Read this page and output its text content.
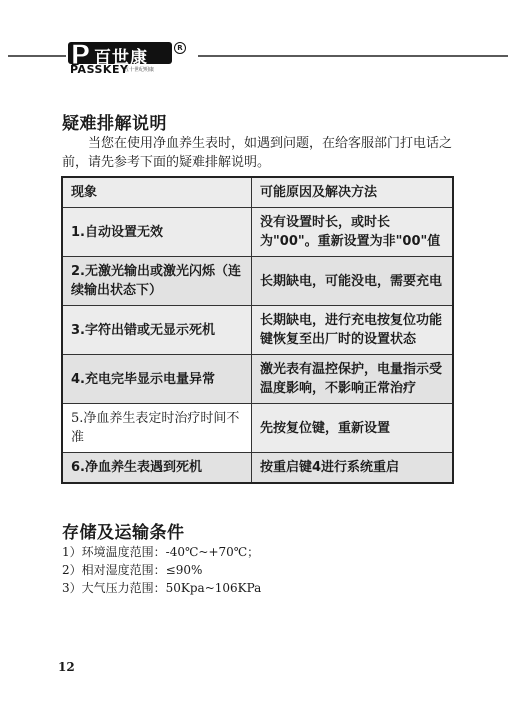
P 百世康	R
PASSKEY
五十世纪明康
疑难排解说明
当您在使用净血养生表时，如遇到问题，在给客服部门打电话之前，请先参考下面的疑难排解说明。
现象	可能原因及解决方法
1.自动设置无效	没有设置时长，或时长为"00"。重新设置为非"00"值
2.无激光输出或激光闪烁（连续输出状态下）	长期缺电，可能没电，需要充电
3.字符出错或无显示死机	长期缺电，进行充电按复位功能键恢复至出厂时的设置状态
4.充电完毕显示电量异常	激光表有温控保护，电量指示受温度影响，不影响正常治疗
5.净血养生表定时治疗时间不准	先按复位键，重新设置
6.净血养生表遇到死机	按重启键4进行系统重启
存储及运输条件
1）环境温度范围：-40℃~+70℃；
2）相对湿度范围：≤90%
3）大气压力范围：50Kpa~106KPa
12
